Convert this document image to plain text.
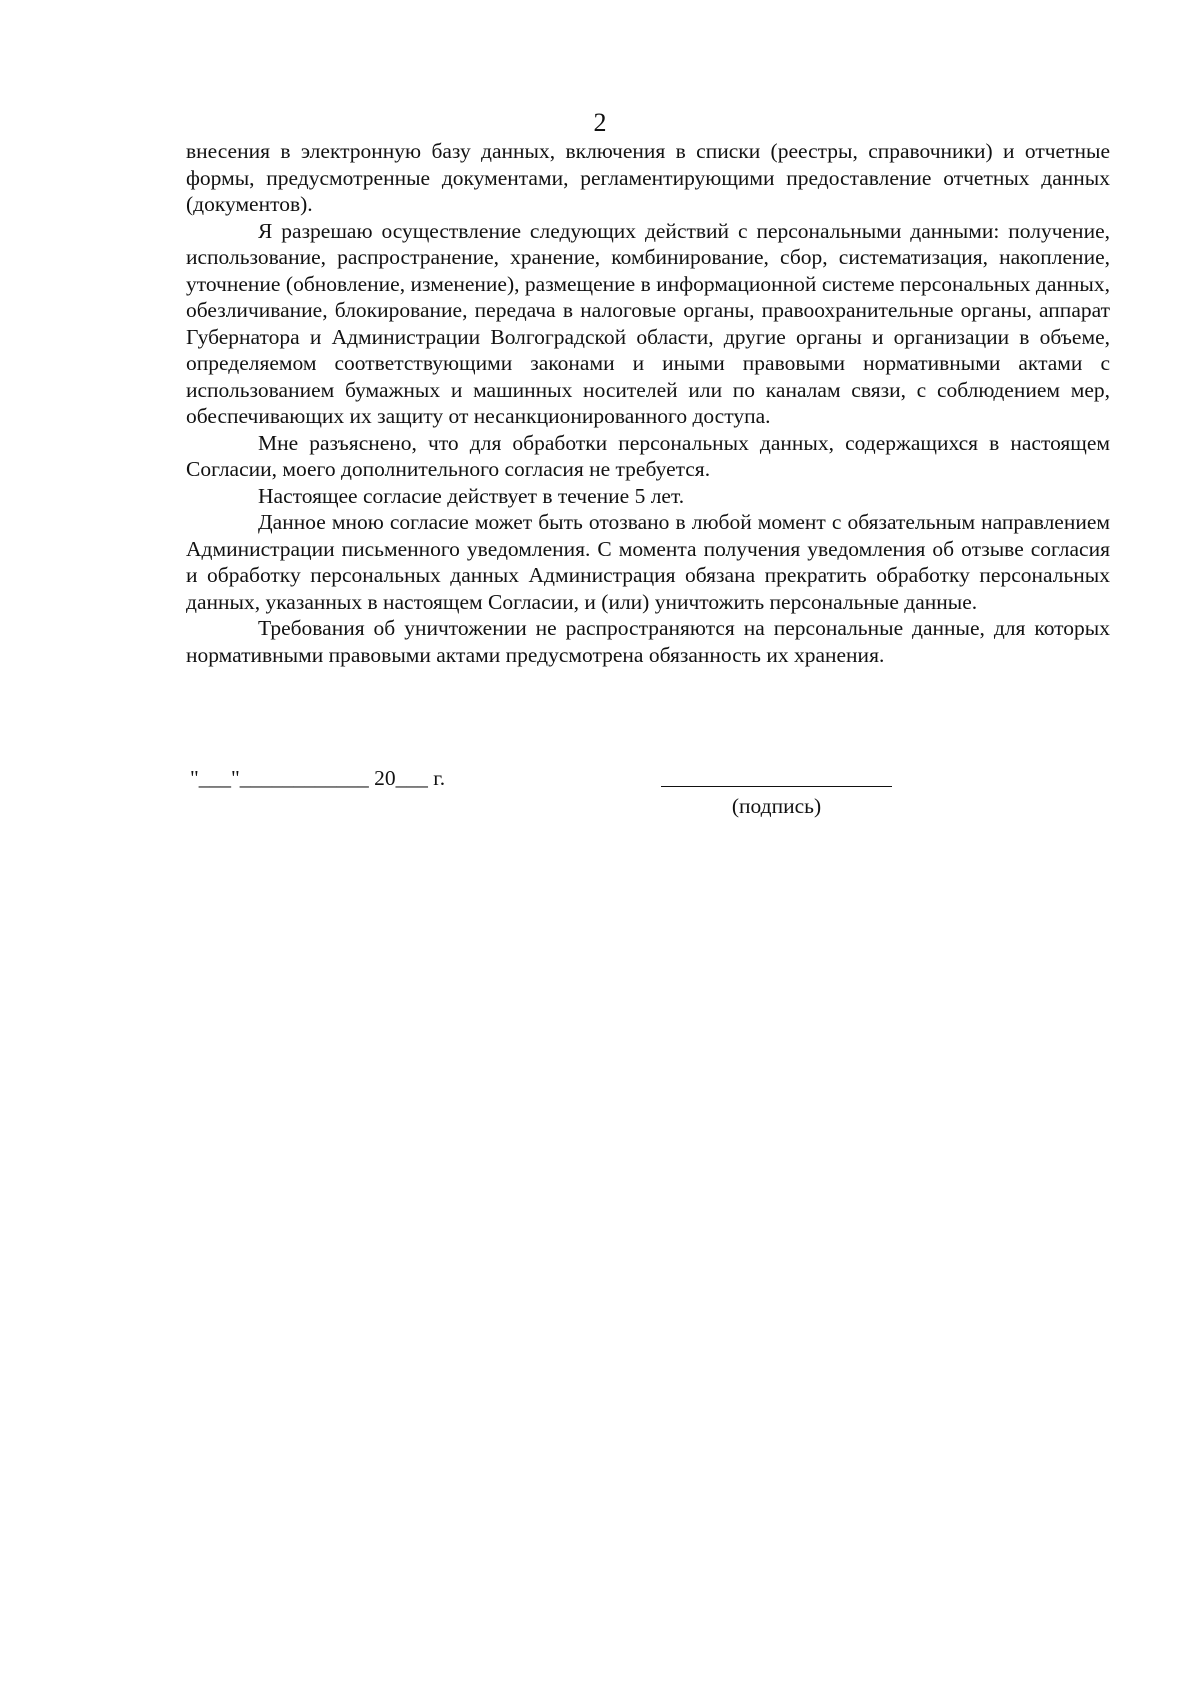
2

внесения в электронную базу данных, включения в списки (реестры, справочники) и отчетные формы, предусмотренные документами, регламентирующими предоставление отчетных данных (документов).

Я разрешаю осуществление следующих действий с персональными данными: получение, использование, распространение, хранение, комбинирование, сбор, систематизация, накопление, уточнение (обновление, изменение), размещение в информационной системе персональных данных, обезличивание, блокирование, передача в налоговые органы, правоохранительные органы, аппарат Губернатора и Администрации Волгоградской области, другие органы и организации в объеме, определяемом соответствующими законами и иными правовыми нормативными актами с использованием бумажных и машинных носителей или по каналам связи, с соблюдением мер, обеспечивающих их защиту от несанкционированного доступа.

Мне разъяснено, что для обработки персональных данных, содержащихся в настоящем Согласии, моего дополнительного согласия не требуется.

Настоящее согласие действует в течение 5 лет.

Данное мною согласие может быть отозвано в любой момент с обязательным направлением Администрации письменного уведомления. С момента получения уведомления об отзыве согласия и обработку персональных данных Администрация обязана прекратить обработку персональных данных, указанных в настоящем Согласии, и (или) уничтожить персональные данные.

Требования об уничтожении не распространяются на персональные данные, для которых нормативными правовыми актами предусмотрена обязанность их хранения.

"___"____________ 20___ г.
(подпись)
